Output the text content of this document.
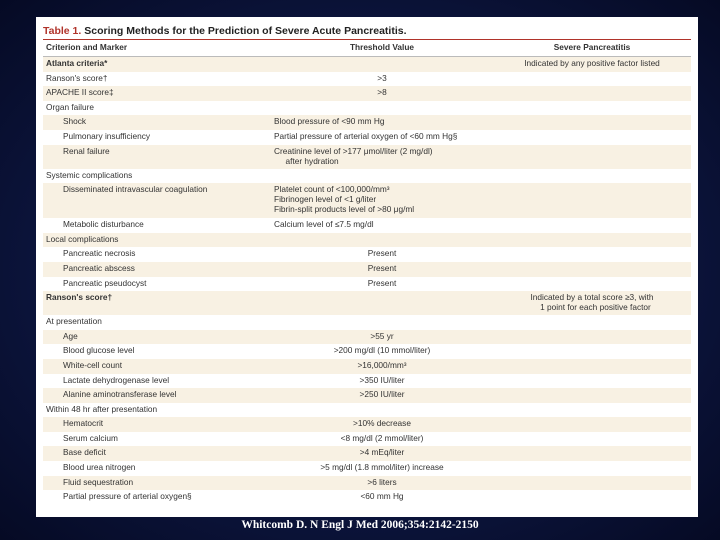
Table 1. Scoring Methods for the Prediction of Severe Acute Pancreatitis.
Criterion and Marker	Threshold Value	Severe Pancreatitis
Atlanta criteria*		Indicated by any positive factor listed
Ranson's score†	>3	
APACHE II score‡	>8	
Organ failure		
Shock	Blood pressure of <90 mm Hg	
Pulmonary insufficiency	Partial pressure of arterial oxygen of <60 mm Hg§	
Renal failure	Creatinine level of >177 μmol/liter (2 mg/dl)
after hydration	
Systemic complications		
Disseminated intravascular coagulation	Platelet count of <100,000/mm³
Fibrinogen level of <1 g/liter
Fibrin-split products level of >80 μg/ml	
Metabolic disturbance	Calcium level of ≤7.5 mg/dl	
Local complications		
Pancreatic necrosis	Present	
Pancreatic abscess	Present	
Pancreatic pseudocyst	Present	
Ranson's score†		Indicated by a total score ≥3, with
1 point for each positive factor
At presentation		
Age	>55 yr	
Blood glucose level	>200 mg/dl (10 mmol/liter)	
White-cell count	>16,000/mm³	
Lactate dehydrogenase level	>350 IU/liter	
Alanine aminotransferase level	>250 IU/liter	
Within 48 hr after presentation		
Hematocrit	>10% decrease	
Serum calcium	<8 mg/dl (2 mmol/liter)	
Base deficit	>4 mEq/liter	
Blood urea nitrogen	>5 mg/dl (1.8 mmol/liter) increase	
Fluid sequestration	>6 liters	
Partial pressure of arterial oxygen§	<60 mm Hg	
Whitcomb D. N Engl J Med 2006;354:2142-2150
